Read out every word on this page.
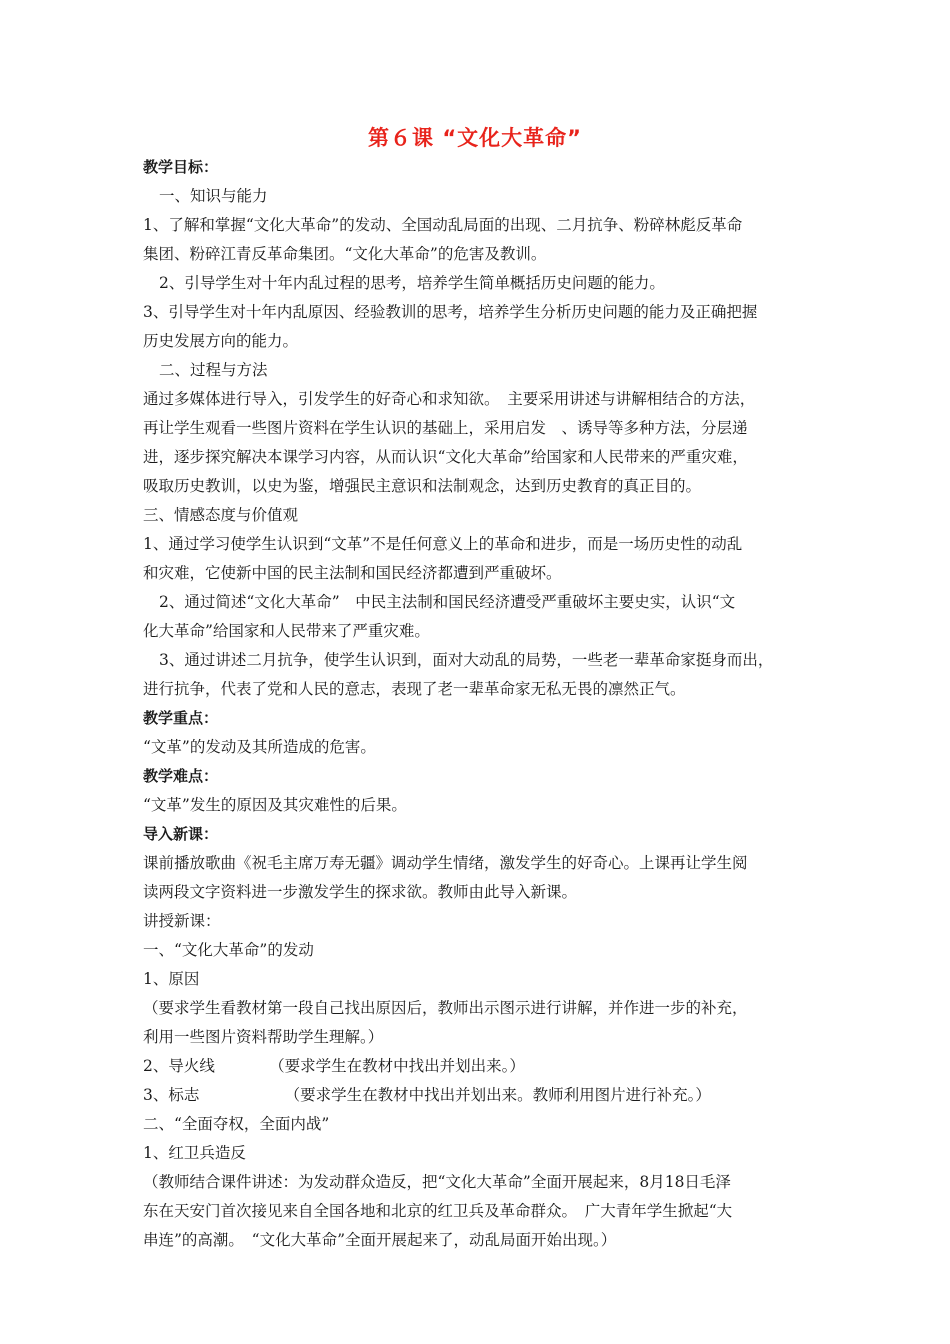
第６课 “文化大革命”
教学目标：
一、知识与能力
1、了解和掌握“文化大革命”的发动、全国动乱局面的出现、二月抗争、粉碎林彪反革命
集团、粉碎江青反革命集团。“文化大革命”的危害及教训。
2、引导学生对十年内乱过程的思考，培养学生简单概括历史问题的能力。
3、引导学生对十年内乱原因、经验教训的思考，培养学生分析历史问题的能力及正确把握
历史发展方向的能力。
二、过程与方法
通过多媒体进行导入，引发学生的好奇心和求知欲。　主要采用讲述与讲解相结合的方法，
再让学生观看一些图片资料在学生认识的基础上，采用启发　、诱导等多种方法，分层递
进，逐步探究解决本课学习内容，从而认识“文化大革命”给国家和人民带来的严重灾难，
吸取历史教训，以史为鉴，增强民主意识和法制观念，达到历史教育的真正目的。
三、情感态度与价值观
1、通过学习使学生认识到“文革”不是任何意义上的革命和进步，而是一场历史性的动乱
和灾难，它使新中国的民主法制和国民经济都遭到严重破坏。
2、通过简述“文化大革命”　中民主法制和国民经济遭受严重破坏主要史实，认识“文
化大革命”给国家和人民带来了严重灾难。
3、通过讲述二月抗争，使学生认识到，面对大动乱的局势，一些老一辈革命家挺身而出，
进行抗争，代表了党和人民的意志，表现了老一辈革命家无私无畏的凛然正气。
教学重点：
“文革”的发动及其所造成的危害。
教学难点：
“文革”发生的原因及其灾难性的后果。
导入新课：
课前播放歌曲《祝毛主席万寿无疆》调动学生情绪，激发学生的好奇心。上课再让学生阅
读两段文字资料进一步激发学生的探求欲。教师由此导入新课。
讲授新课：
一、“文化大革命”的发动
1、原因
（要求学生看教材第一段自己找出原因后，教师出示图示进行讲解，并作进一步的补充，
利用一些图片资料帮助学生理解。）
2、导火线　　　　（要求学生在教材中找出并划出来。）
3、标志　　　　　　（要求学生在教材中找出并划出来。教师利用图片进行补充。）
二、“全面夺权，全面内战”
1、红卫兵造反
（教师结合课件讲述：为发动群众造反，把“文化大革命”全面开展起来，8月18日毛泽
东在天安门首次接见来自全国各地和北京的红卫兵及革命群众。　广大青年学生掀起“大
串连”的高潮。　“文化大革命”全面开展起来了，动乱局面开始出现。）
